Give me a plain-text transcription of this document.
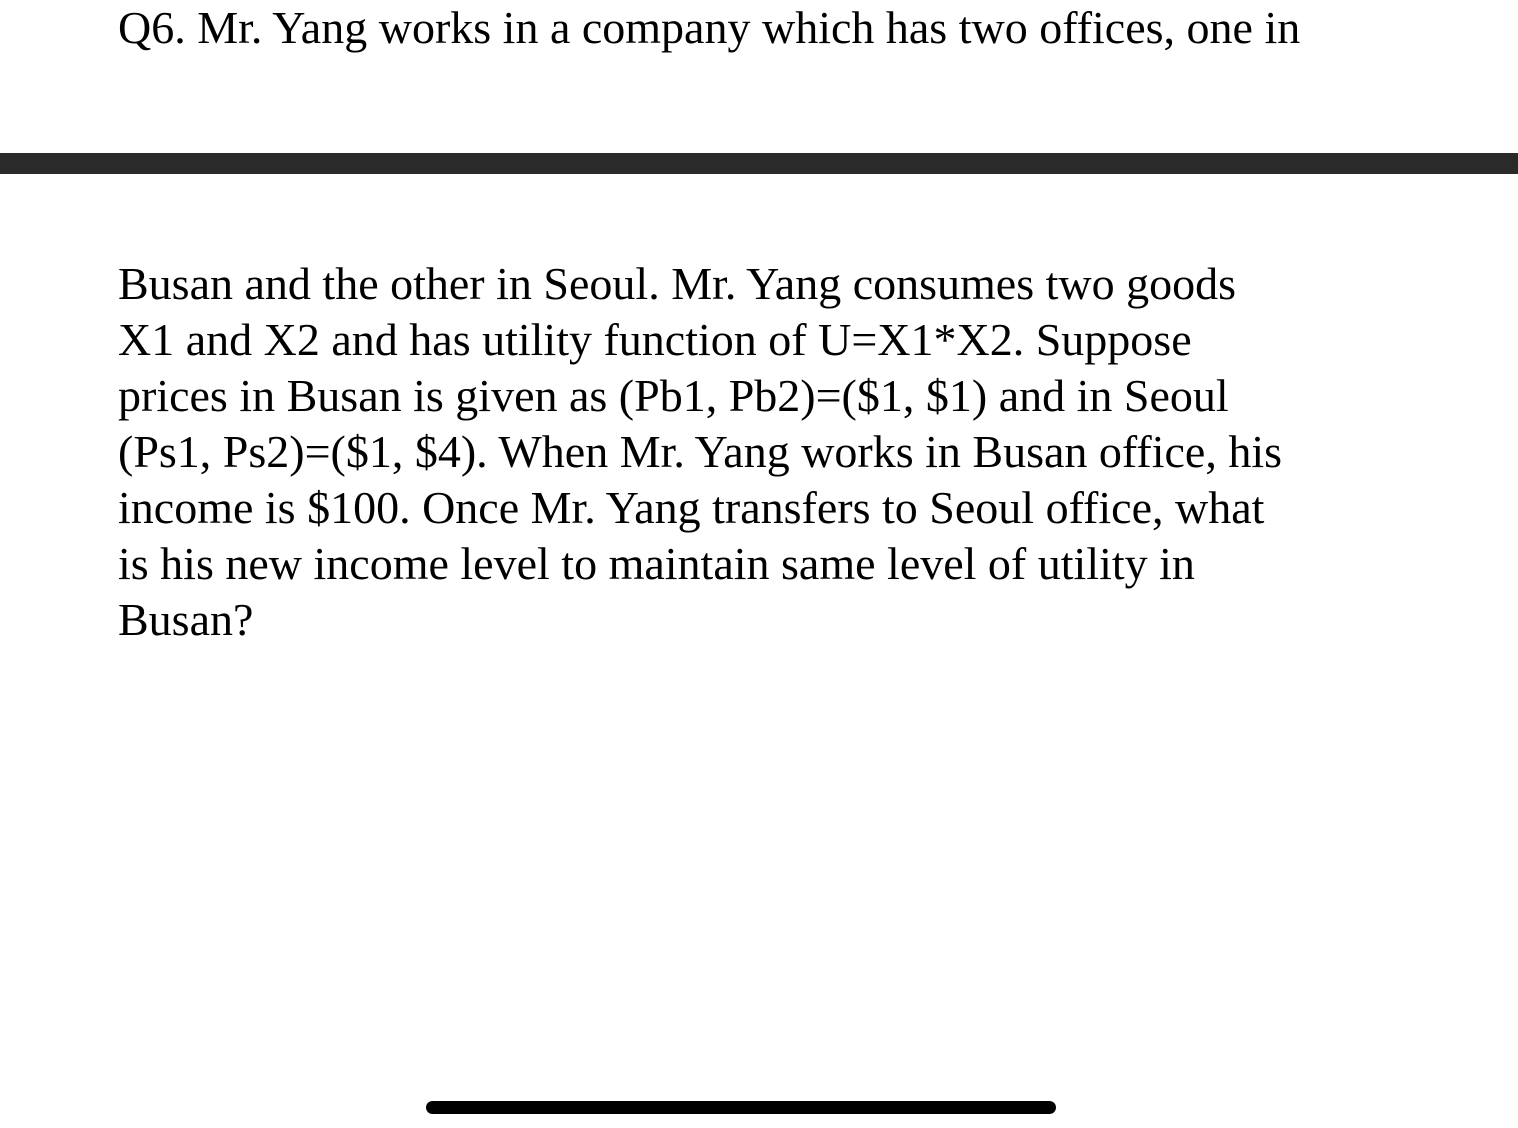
Q6. Mr. Yang works in a company which has two offices, one in

Busan and the other in Seoul. Mr. Yang consumes two goods
X1 and X2 and has utility function of U=X1*X2. Suppose
prices in Busan is given as (Pb1, Pb2)=($1, $1) and in Seoul
(Ps1, Ps2)=($1, $4). When Mr. Yang works in Busan office, his
income is $100. Once Mr. Yang transfers to Seoul office, what
is his new income level to maintain same level of utility in
Busan?
